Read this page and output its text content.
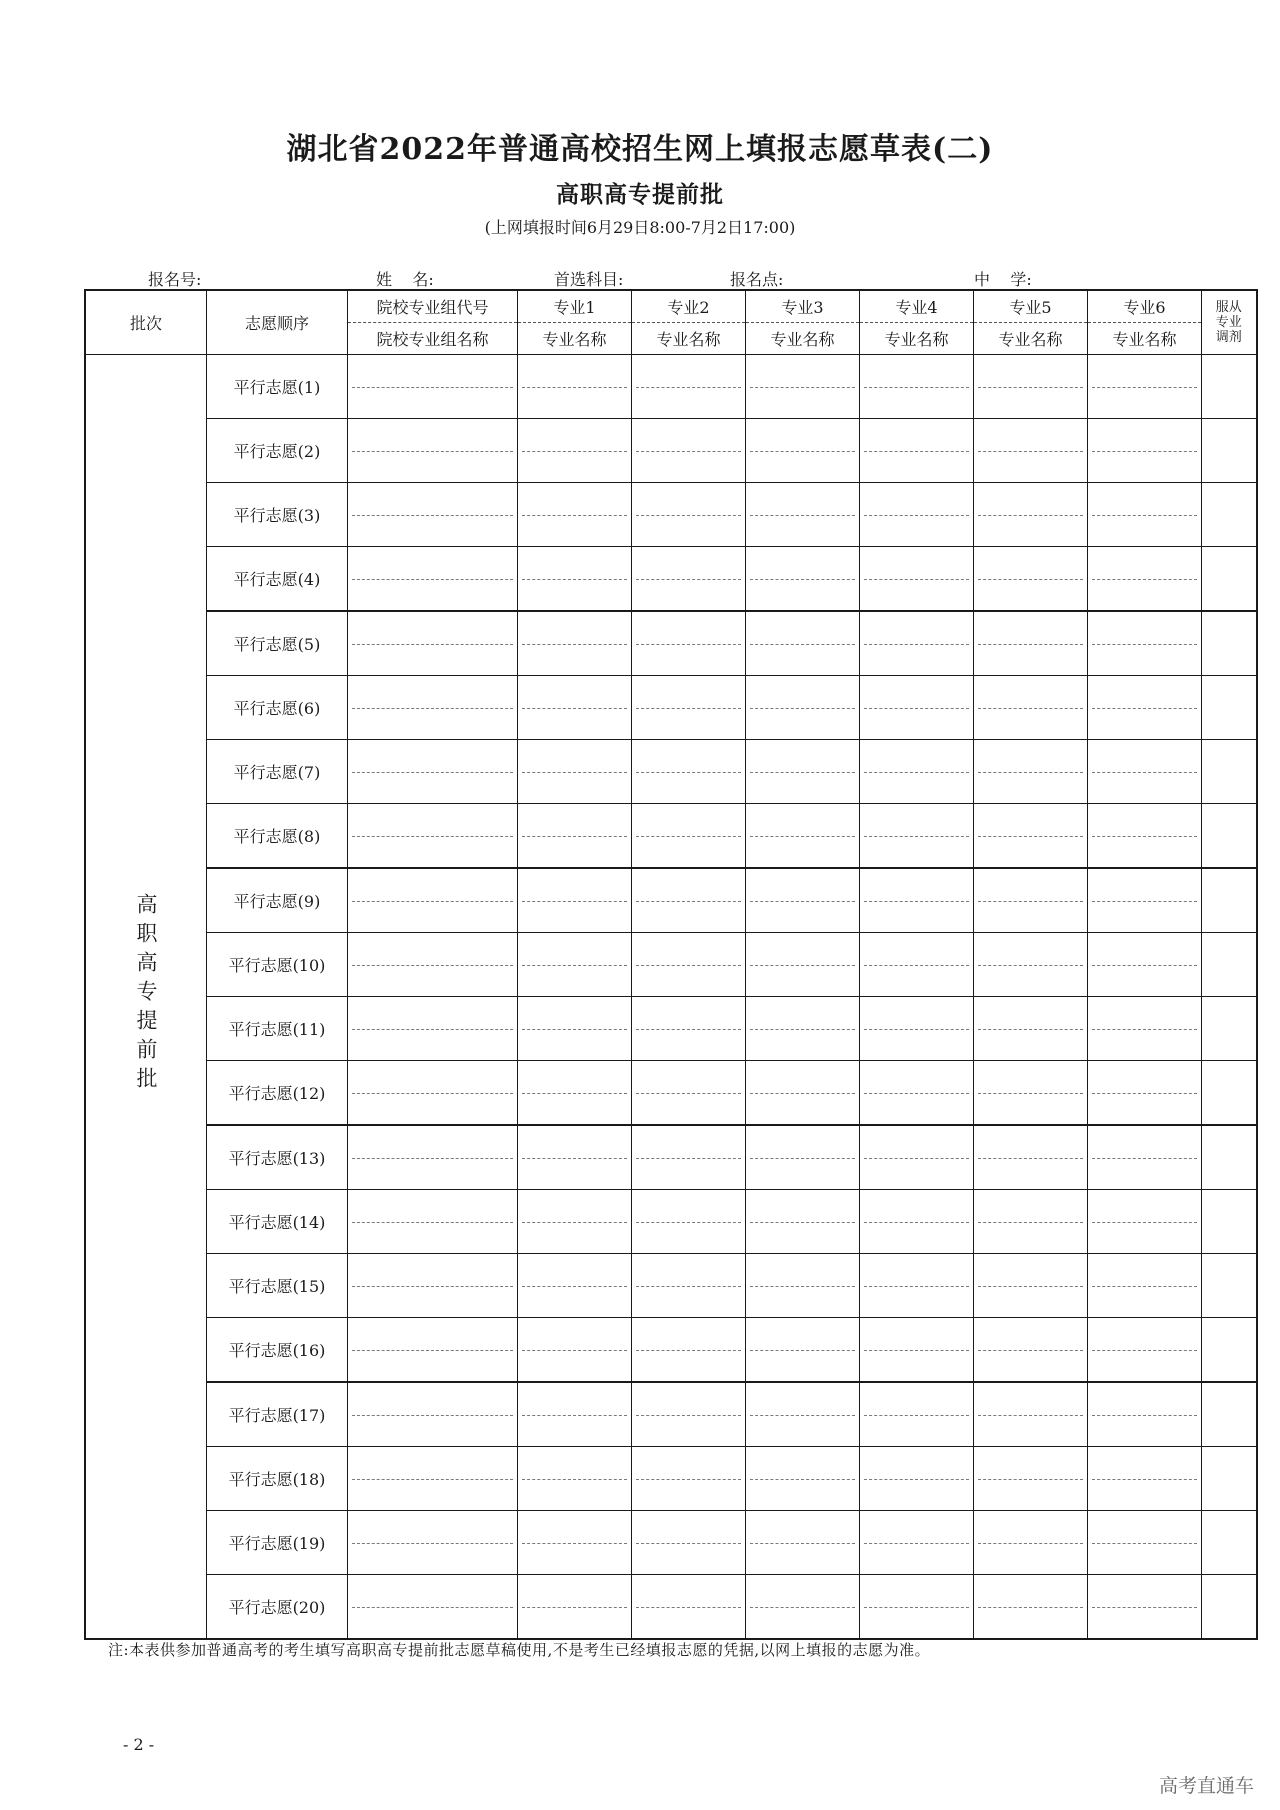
湖北省2022年普通高校招生网上填报志愿草表(二)
高职高专提前批
(上网填报时间6月29日8:00-7月2日17:00)
报名号:	姓    名:	首选科目:	报名点:	中    学:
批次	志愿顺序	院校专业组代号	专业1	专业2	专业3	专业4	专业5	专业6	服从
专业
调剂
		院校专业组名称	专业名称	专业名称	专业名称	专业名称	专业名称	专业名称	
高职高专提前批	平行志愿(1)								
	平行志愿(2)								
	平行志愿(3)								
	平行志愿(4)								
	平行志愿(5)								
	平行志愿(6)								
	平行志愿(7)								
	平行志愿(8)								
	平行志愿(9)								
	平行志愿(10)								
	平行志愿(11)								
	平行志愿(12)								
	平行志愿(13)								
	平行志愿(14)								
	平行志愿(15)								
	平行志愿(16)								
	平行志愿(17)								
	平行志愿(18)								
	平行志愿(19)								
	平行志愿(20)								
注:本表供参加普通高考的考生填写高职高专提前批志愿草稿使用,不是考生已经填报志愿的凭据,以网上填报的志愿为准。
- 2 -
高考直通车
